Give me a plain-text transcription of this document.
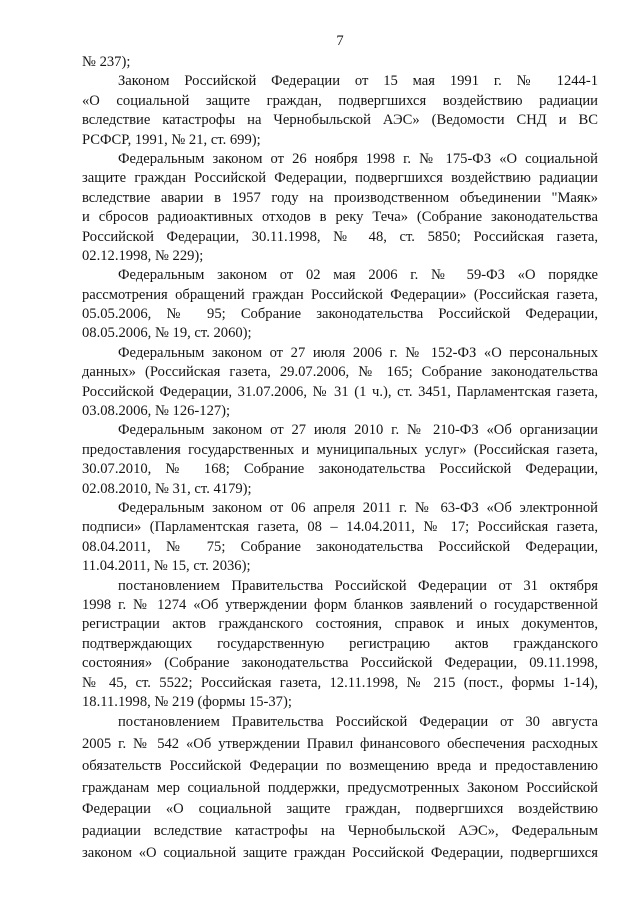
7
№ 237);
Законом Российской Федерации от 15 мая 1991 г. № 1244-1
«О социальной защите граждан, подвергшихся воздействию радиации
вследствие катастрофы на Чернобыльской АЭС» (Ведомости СНД и ВС
РСФСР, 1991, № 21, ст. 699);
Федеральным законом от 26 ноября 1998 г. № 175-ФЗ «О социальной
защите граждан Российской Федерации, подвергшихся воздействию радиации
вследствие аварии в 1957 году на производственном объединении "Маяк»
и сбросов радиоактивных отходов в реку Теча» (Собрание законодательства
Российской Федерации, 30.11.1998, № 48, ст. 5850; Российская газета,
02.12.1998, № 229);
Федеральным законом от 02 мая 2006 г. № 59-ФЗ «О порядке
рассмотрения обращений граждан Российской Федерации» (Российская газета,
05.05.2006, № 95; Собрание законодательства Российской Федерации,
08.05.2006, № 19, ст. 2060);
Федеральным законом от 27 июля 2006 г. № 152-ФЗ «О персональных
данных» (Российская газета, 29.07.2006, № 165; Собрание законодательства
Российской Федерации, 31.07.2006, № 31 (1 ч.), ст. 3451, Парламентская газета,
03.08.2006, № 126-127);
Федеральным законом от 27 июля 2010 г. № 210-ФЗ «Об организации
предоставления государственных и муниципальных услуг» (Российская газета,
30.07.2010, № 168; Собрание законодательства Российской Федерации,
02.08.2010, № 31, ст. 4179);
Федеральным законом от 06 апреля 2011 г. № 63-ФЗ «Об электронной
подписи» (Парламентская газета, 08 – 14.04.2011, № 17; Российская газета,
08.04.2011, № 75; Собрание законодательства Российской Федерации,
11.04.2011, № 15, ст. 2036);
постановлением Правительства Российской Федерации от 31 октября
1998 г. № 1274 «Об утверждении форм бланков заявлений о государственной
регистрации актов гражданского состояния, справок и иных документов,
подтверждающих государственную регистрацию актов гражданского
состояния» (Собрание законодательства Российской Федерации, 09.11.1998,
№ 45, ст. 5522; Российская газета, 12.11.1998, № 215 (пост., формы 1-14),
18.11.1998, № 219 (формы 15-37);
постановлением Правительства Российской Федерации от 30 августа
2005 г. № 542 «Об утверждении Правил финансового обеспечения расходных
обязательств Российской Федерации по возмещению вреда и предоставлению
гражданам мер социальной поддержки, предусмотренных Законом Российской
Федерации «О социальной защите граждан, подвергшихся воздействию
радиации вследствие катастрофы на Чернобыльской АЭС», Федеральным
законом «О социальной защите граждан Российской Федерации, подвергшихся
